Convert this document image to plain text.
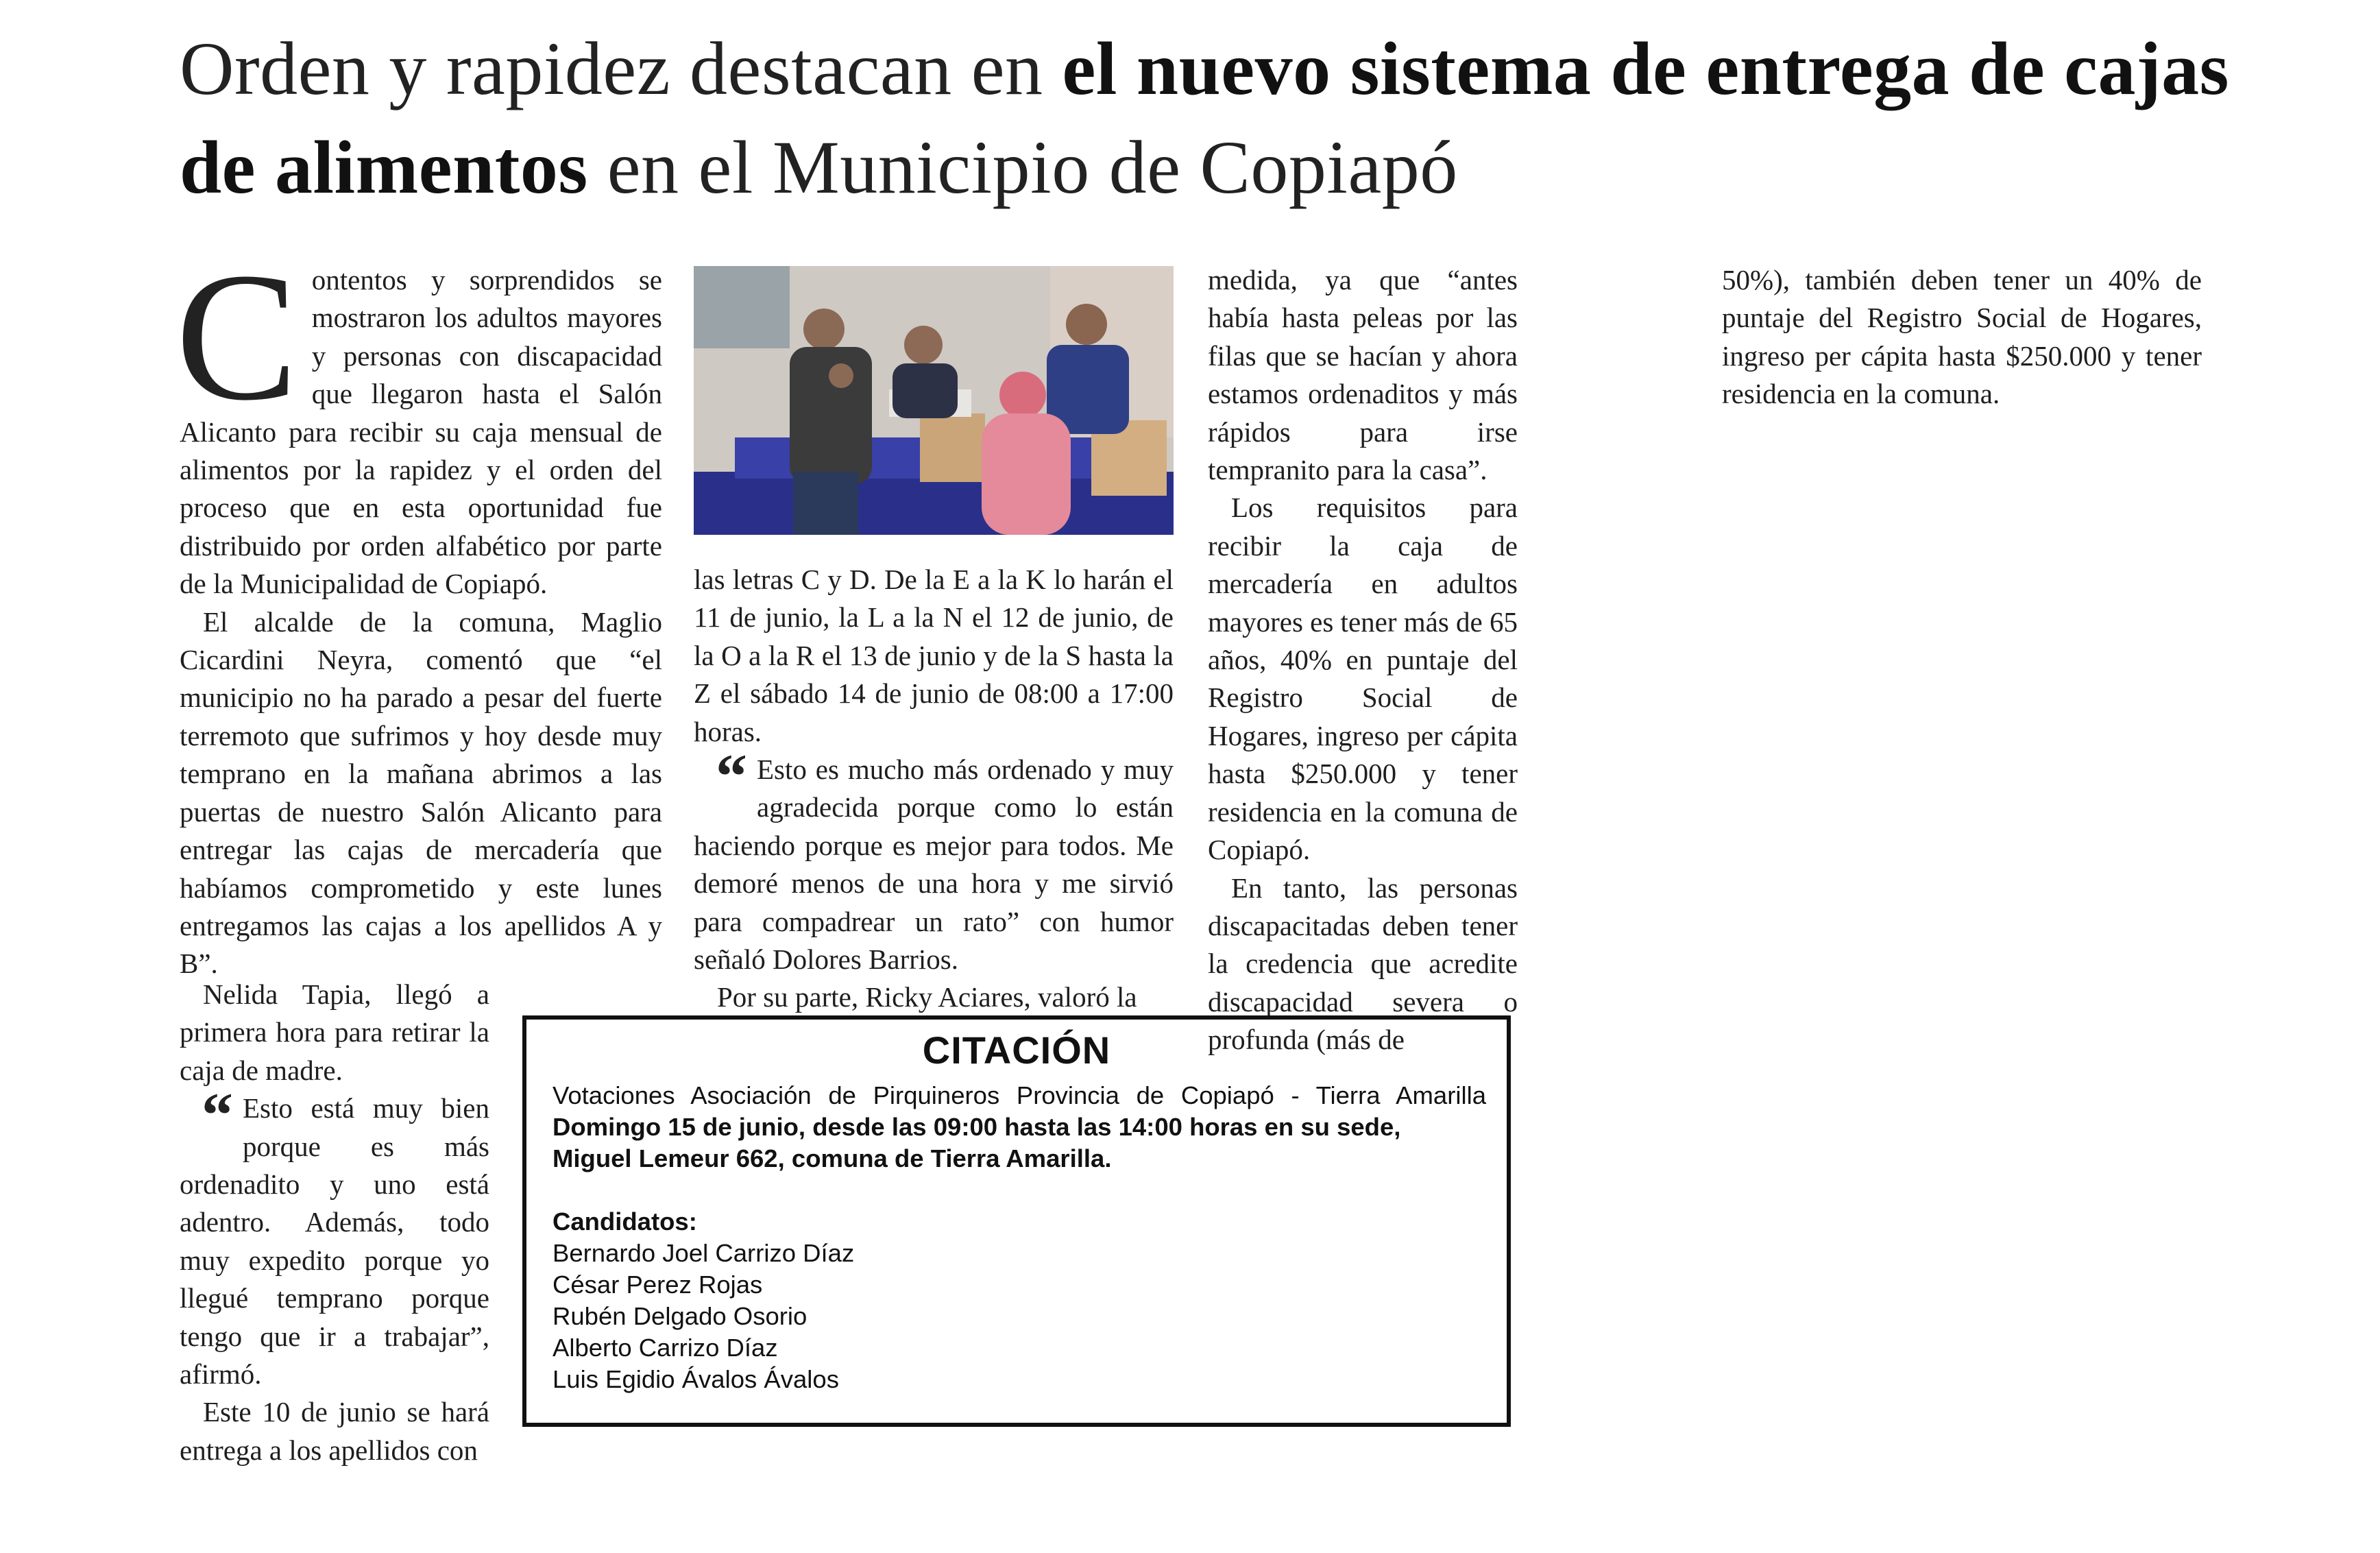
Orden y rapidez destacan en el nuevo sistema de entrega de cajas de alimentos en el Municipio de Copiapó

Contentos y sorprendidos se mostraron los adultos mayores y personas con discapacidad que llegaron hasta el Salón Alicanto para recibir su caja mensual de alimentos por la rapidez y el orden del proceso que en esta oportunidad fue distribuido por orden alfabético por parte de la Municipalidad de Copiapó.

El alcalde de la comuna, Maglio Cicardini Neyra, comentó que “el municipio no ha parado a pesar del fuerte terremoto que sufrimos y hoy desde muy temprano en la mañana abrimos a las puertas de nuestro Salón Alicanto para entregar las cajas de mercadería que habíamos comprometido y este lunes entregamos las cajas a los apellidos A y B”.

Nelida Tapia, llegó a primera hora para retirar la caja de madre.

“ Esto está muy bien porque es más ordenadito y uno está adentro. Además, todo muy expedito porque yo llegué temprano porque tengo que ir a trabajar”, afirmó.

Este 10 de junio se hará entrega a los apellidos con

las letras C y D. De la E a la K lo harán el 11 de junio, la L a la N el 12 de junio, de la O a la R el 13 de junio y de la S hasta la Z el sábado 14 de junio de 08:00 a 17:00 horas.

“ Esto es mucho más ordenado y muy agradecida porque como lo están haciendo porque es mejor para todos. Me demoré menos de una hora y me sirvió para compadrear un rato” con humor señaló Dolores Barrios.

Por su parte, Ricky Aciares, valoró la

medida, ya que “antes había hasta peleas por las filas que se hacían y ahora estamos ordenaditos y más rápidos para irse tempranito para la casa”.

Los requisitos para recibir la caja de mercadería en adultos mayores es tener más de 65 años, 40% en puntaje del Registro Social de Hogares, ingreso per cápita hasta $250.000 y tener residencia en la comuna de Copiapó.

En tanto, las personas discapacitadas deben tener la credencia que acredite discapacidad severa o profunda (más de

50%), también deben tener un 40% de puntaje del Registro Social de Hogares, ingreso per cápita hasta $250.000 y tener residencia en la comuna.

CITACIÓN
Votaciones Asociación de Pirquineros Provincia de Copiapó - Tierra Amarilla
Domingo 15 de junio, desde las 09:00 hasta las 14:00 horas en su sede,
Miguel Lemeur 662, comuna de Tierra Amarilla.
Candidatos:
Bernardo Joel Carrizo Díaz
César Perez Rojas
Rubén Delgado Osorio
Alberto Carrizo Díaz
Luis Egidio Ávalos Ávalos
